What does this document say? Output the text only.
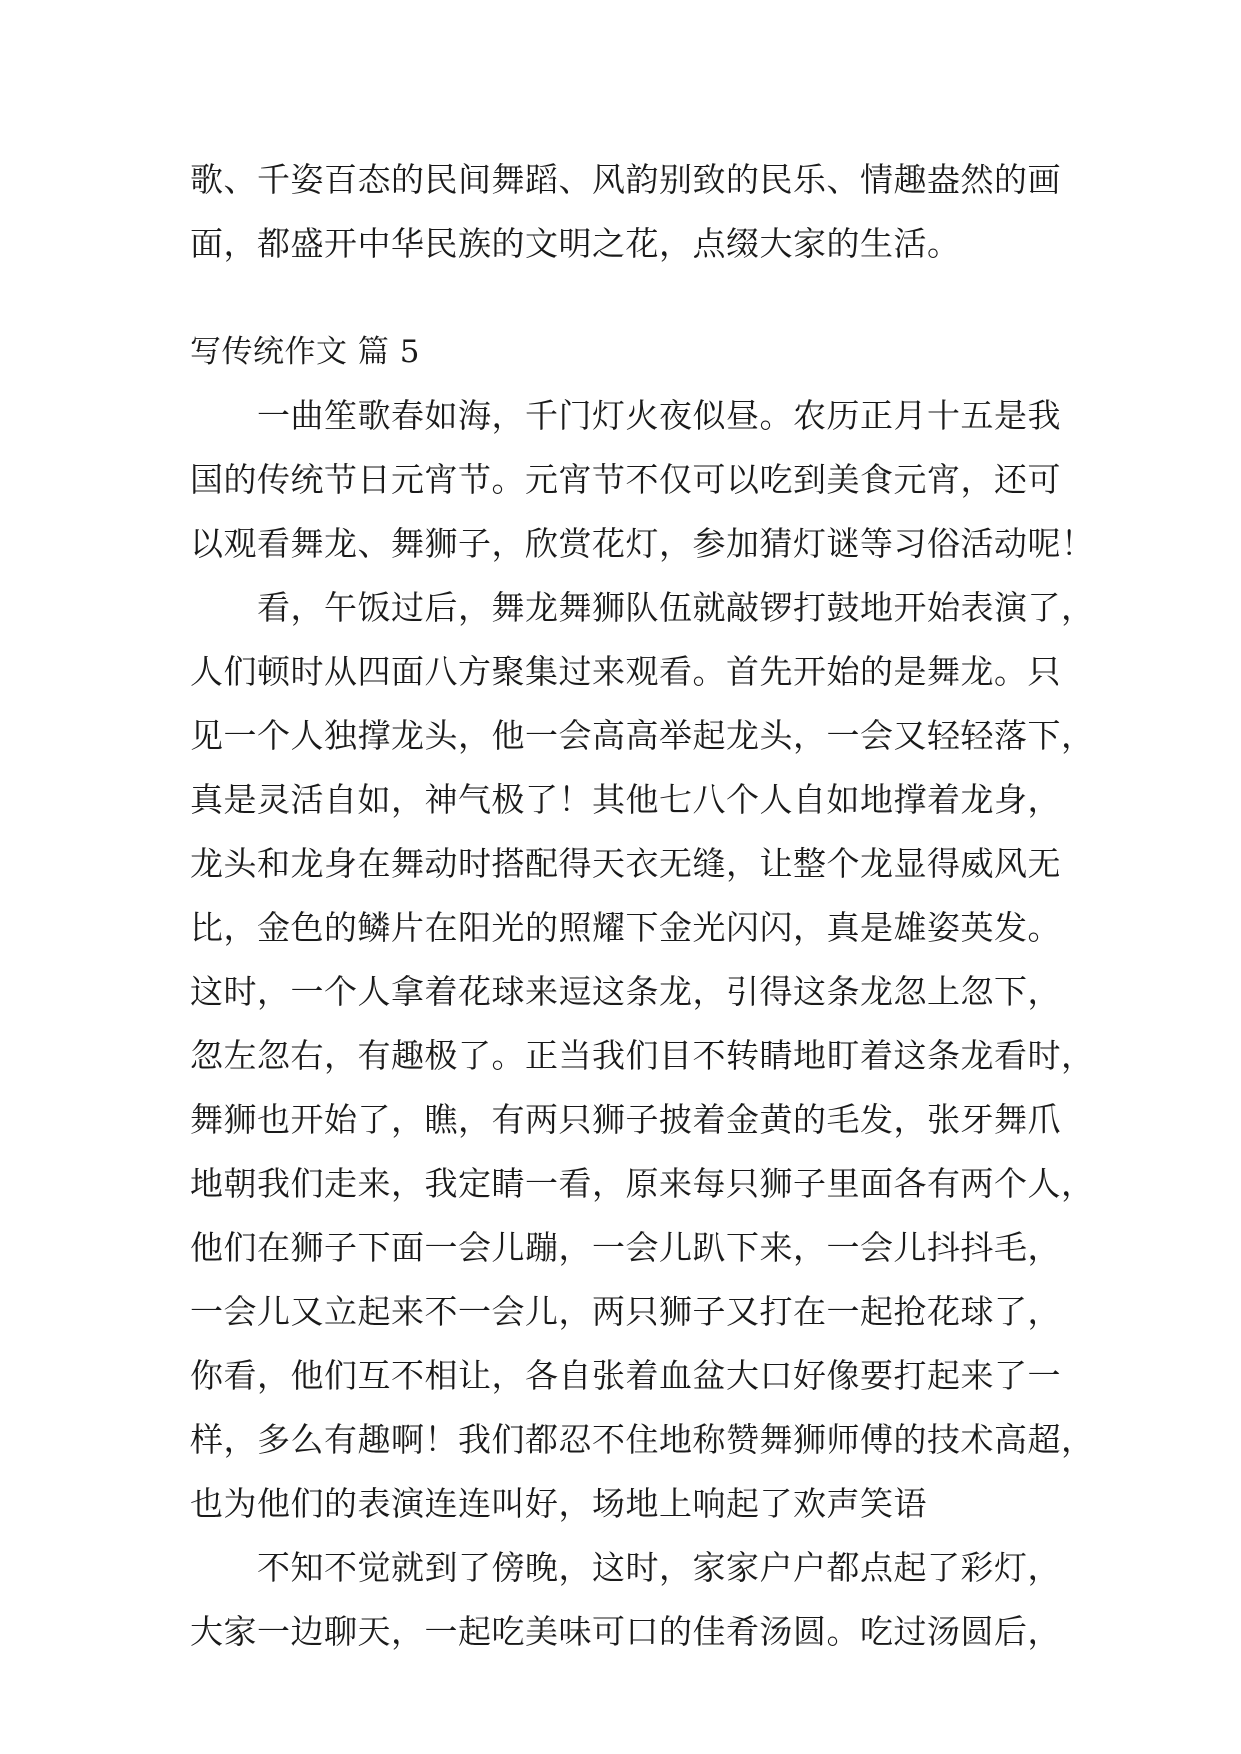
歌、千姿百态的民间舞蹈、风韵别致的民乐、情趣盎然的画
面，都盛开中华民族的文明之花，点缀大家的生活。
写传统作文 篇 5
　　一曲笙歌春如海，千门灯火夜似昼。农历正月十五是我
国的传统节日元宵节。元宵节不仅可以吃到美食元宵，还可
以观看舞龙、舞狮子，欣赏花灯，参加猜灯谜等习俗活动呢！
　　看，午饭过后，舞龙舞狮队伍就敲锣打鼓地开始表演了，
人们顿时从四面八方聚集过来观看。首先开始的是舞龙。只
见一个人独撑龙头，他一会高高举起龙头，一会又轻轻落下，
真是灵活自如，神气极了！其他七八个人自如地撑着龙身，
龙头和龙身在舞动时搭配得天衣无缝，让整个龙显得威风无
比，金色的鳞片在阳光的照耀下金光闪闪，真是雄姿英发。
这时，一个人拿着花球来逗这条龙，引得这条龙忽上忽下，
忽左忽右，有趣极了。正当我们目不转睛地盯着这条龙看时，
舞狮也开始了，瞧，有两只狮子披着金黄的毛发，张牙舞爪
地朝我们走来，我定睛一看，原来每只狮子里面各有两个人，
他们在狮子下面一会儿蹦，一会儿趴下来，一会儿抖抖毛，
一会儿又立起来不一会儿，两只狮子又打在一起抢花球了，
你看，他们互不相让，各自张着血盆大口好像要打起来了一
样，多么有趣啊！我们都忍不住地称赞舞狮师傅的技术高超，
也为他们的表演连连叫好，场地上响起了欢声笑语
　　不知不觉就到了傍晚，这时，家家户户都点起了彩灯，
大家一边聊天，一起吃美味可口的佳肴汤圆。吃过汤圆后，
